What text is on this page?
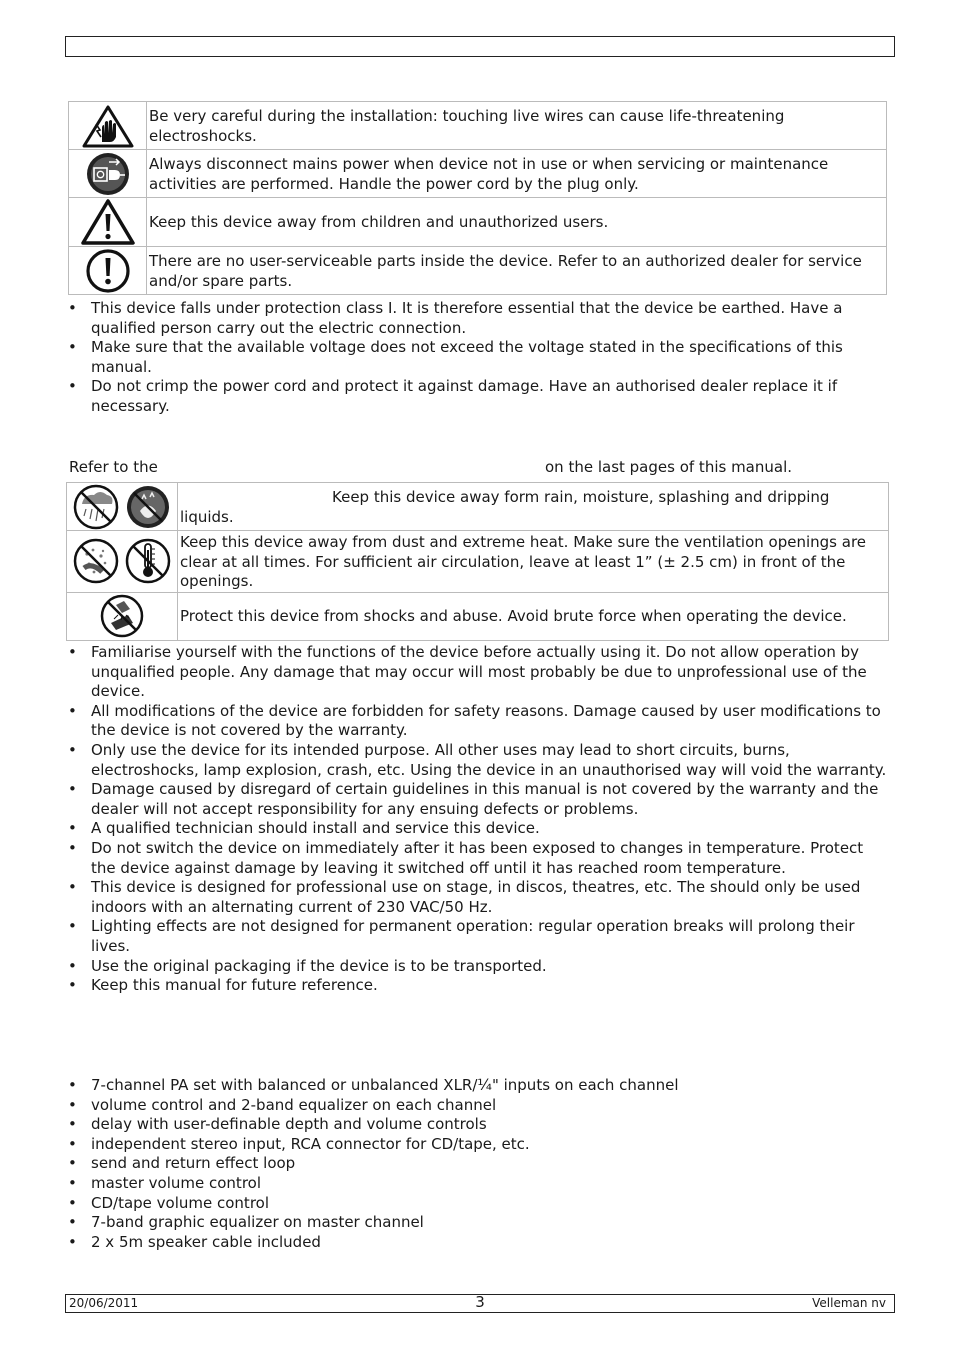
	Be very careful during the installation: touching live wires can cause life-threatening electroshocks.

	Always disconnect mains power when device not in use or when servicing or maintenance activities are performed. Handle the power cord by the plug only.

	Keep this device away from children and unauthorized users.

	There are no user-serviceable parts inside the device. Refer to an authorized dealer for service and/or spare parts.
• This device falls under protection class I. It is therefore essential that the device be earthed. Have a qualified person carry out the electric connection.
• Make sure that the available voltage does not exceed the voltage stated in the specifications of this manual.
• Do not crimp the power cord and protect it against damage. Have an authorised dealer replace it if necessary.
Refer to the	on the last pages of this manual.

Keep this device away form rain, moisture, splashing and dripping liquids.

	Keep this device away from dust and extreme heat. Make sure the ventilation openings are clear at all times. For sufficient air circulation, leave at least 1” (± 2.5 cm) in front of the openings.

	Protect this device from shocks and abuse. Avoid brute force when operating the device.
• Familiarise yourself with the functions of the device before actually using it. Do not allow operation by unqualified people. Any damage that may occur will most probably be due to unprofessional use of the device.
• All modifications of the device are forbidden for safety reasons. Damage caused by user modifications to the device is not covered by the warranty.
• Only use the device for its intended purpose. All other uses may lead to short circuits, burns, electroshocks, lamp explosion, crash, etc. Using the device in an unauthorised way will void the warranty.
• Damage caused by disregard of certain guidelines in this manual is not covered by the warranty and the dealer will not accept responsibility for any ensuing defects or problems.
• A qualified technician should install and service this device.
• Do not switch the device on immediately after it has been exposed to changes in temperature. Protect the device against damage by leaving it switched off until it has reached room temperature.
• This device is designed for professional use on stage, in discos, theatres, etc. The should only be used indoors with an alternating current of 230 VAC/50 Hz.
• Lighting effects are not designed for permanent operation: regular operation breaks will prolong their lives.
• Use the original packaging if the device is to be transported.
• Keep this manual for future reference.
• 7-channel PA set with balanced or unbalanced XLR/¼" inputs on each channel
• volume control and 2-band equalizer on each channel
• delay with user-definable depth and volume controls
• independent stereo input, RCA connector for CD/tape, etc.
• send and return effect loop
• master volume control
• CD/tape volume control
• 7-band graphic equalizer on master channel
• 2 x 5m speaker cable included
20/06/2011	3	Velleman nv
